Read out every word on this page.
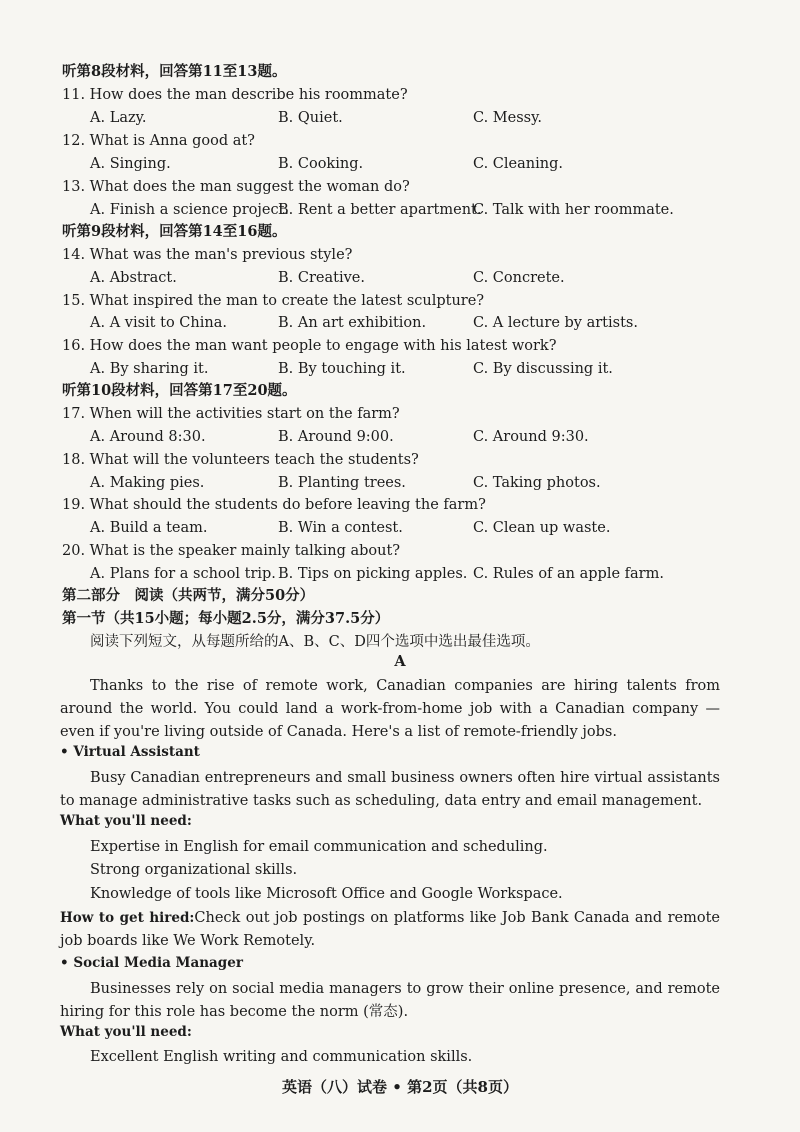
听第8段材料，回答第11至13题。
11. How does the man describe his roommate?
A. Lazy.	B. Quiet.	C. Messy.
12. What is Anna good at?
A. Singing.	B. Cooking.	C. Cleaning.
13. What does the man suggest the woman do?
A. Finish a science project.
B. Rent a better apartment.
C. Talk with her roommate.
听第9段材料，回答第14至16题。
14. What was the man's previous style?
A. Abstract.	B. Creative.	C. Concrete.
15. What inspired the man to create the latest sculpture?
A. A visit to China.	B. An art exhibition.	C. A lecture by artists.
16. How does the man want people to engage with his latest work?
A. By sharing it.	B. By touching it.	C. By discussing it.
听第10段材料，回答第17至20题。
17. When will the activities start on the farm?
A. Around 8:30.	B. Around 9:00.	C. Around 9:30.
18. What will the volunteers teach the students?
A. Making pies.	B. Planting trees.	C. Taking photos.
19. What should the students do before leaving the farm?
A. Build a team.	B. Win a contest.	C. Clean up waste.
20. What is the speaker mainly talking about?
A. Plans for a school trip. B. Tips on picking apples. C. Rules of an apple farm.
第二部分　阅读（共两节，满分50分）
第一节（共15小题；每小题2.5分，满分37.5分）
阅读下列短文，从每题所给的A、B、C、D四个选项中选出最佳选项。
A
Thanks to the rise of remote work, Canadian companies are hiring talents from around the world. You could land a work-from-home job with a Canadian company — even if you're living outside of Canada. Here's a list of remote-friendly jobs.
• Virtual Assistant
Busy Canadian entrepreneurs and small business owners often hire virtual assistants to manage administrative tasks such as scheduling, data entry and email management.
What you'll need:
Expertise in English for email communication and scheduling.
Strong organizational skills.
Knowledge of tools like Microsoft Office and Google Workspace.
How to get hired:Check out job postings on platforms like Job Bank Canada and remote job boards like We Work Remotely.
• Social Media Manager
Businesses rely on social media managers to grow their online presence, and remote hiring for this role has become the norm (常态).
What you'll need:
Excellent English writing and communication skills.
英语（八）试卷 • 第2页（共8页）
